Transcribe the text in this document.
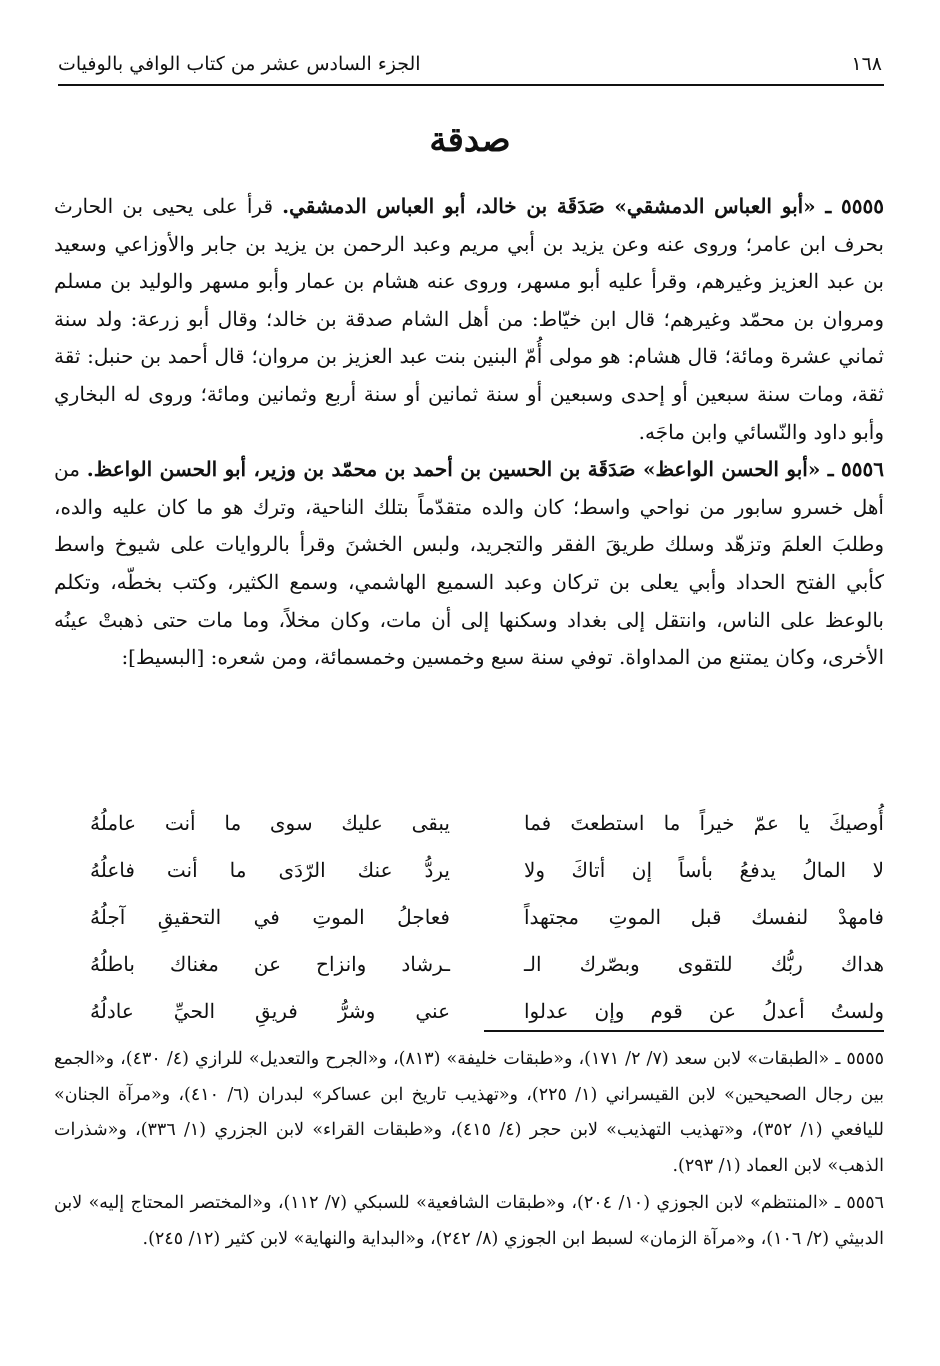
١٦٨
الجزء السادس عشر من كتاب الوافي بالوفيات
صدقة

٥٥٥٥ ـ «أبو العباس الدمشقي» صَدَقَة بن خالد، أبو العباس الدمشقي. قرأ على يحيى بن الحارث بحرف ابن عامر؛ وروى عنه وعن يزيد بن أبي مريم وعبد الرحمن بن يزيد بن جابر والأوزاعي وسعيد بن عبد العزيز وغيرهم، وقرأ عليه أبو مسهر، وروى عنه هشام بن عمار وأبو مسهر والوليد بن مسلم ومروان بن محمّد وغيرهم؛ قال ابن خيّاط: من أهل الشام صدقة بن خالد؛ وقال أبو زرعة: ولد سنة ثماني عشرة ومائة؛ قال هشام: هو مولى أُمّ البنين بنت عبد العزيز بن مروان؛ قال أحمد بن حنبل: ثقة ثقة، ومات سنة سبعين أو إحدى وسبعين أو سنة ثمانين أو سنة أربع وثمانين ومائة؛ وروى له البخاري وأبو داود والنّسائي وابن ماجَه.

٥٥٥٦ ـ «أبو الحسن الواعظ» صَدَقَة بن الحسين بن أحمد بن محمّد بن وزير، أبو الحسن الواعظ. من أهل خسرو سابور من نواحي واسط؛ كان والده متقدّماً بتلك الناحية، وترك هو ما كان عليه والده، وطلبَ العلمَ وتزهّد وسلك طريقَ الفقر والتجريد، ولبس الخشنَ وقرأ بالروايات على شيوخ واسط كأبي الفتح الحداد وأبي يعلى بن تركان وعبد السميع الهاشمي، وسمع الكثير، وكتب بخطّه، وتكلم بالوعظ على الناس، وانتقل إلى بغداد وسكنها إلى أن مات، وكان مخلاً، وما مات حتى ذهبتْ عينُه الأخرى، وكان يمتنع من المداواة. توفي سنة سبع وخمسين وخمسمائة، ومن شعره: [البسيط]:

أُوصيكَ يا عمّ خيراً ما استطعتَ فما
يبقى عليك سوى ما أنت عاملُهُ
لا المالُ يدفعُ بأساً إن أتاكَ ولا
يردُّ عنك الرّدَى ما أنت فاعلُهُ
فامهدْ لنفسك قبل الموتِ مجتهداً
فعاجلُ الموتِ في التحقيقِ آجلُهُ
هداك ربُّك للتقوى وبصّرك الـ
ـرشاد وانزاح عن مغناك باطلُهُ
ولستُ أعدلُ عن قوم وإن عدلوا
عني وشرُّ فريقِ الحيِّ عادلُهُ

٥٥٥٥ ـ «الطبقات» لابن سعد (٧/ ٢/ ١٧١)، و«طبقات خليفة» (٨١٣)، و«الجرح والتعديل» للرازي (٤/ ٤٣٠)، و«الجمع بين رجال الصحيحين» لابن القيسراني (١/ ٢٢٥)، و«تهذيب تاريخ ابن عساكر» لبدران (٦/ ٤١٠)، و«مرآة الجنان» لليافعي (١/ ٣٥٢)، و«تهذيب التهذيب» لابن حجر (٤/ ٤١٥)، و«طبقات القراء» لابن الجزري (١/ ٣٣٦)، و«شذرات الذهب» لابن العماد (١/ ٢٩٣).

٥٥٥٦ ـ «المنتظم» لابن الجوزي (١٠/ ٢٠٤)، و«طبقات الشافعية» للسبكي (٧/ ١١٢)، و«المختصر المحتاج إليه» لابن الدبيثي (٢/ ١٠٦)، و«مرآة الزمان» لسبط ابن الجوزي (٨/ ٢٤٢)، و«البداية والنهاية» لابن كثير (١٢/ ٢٤٥).
